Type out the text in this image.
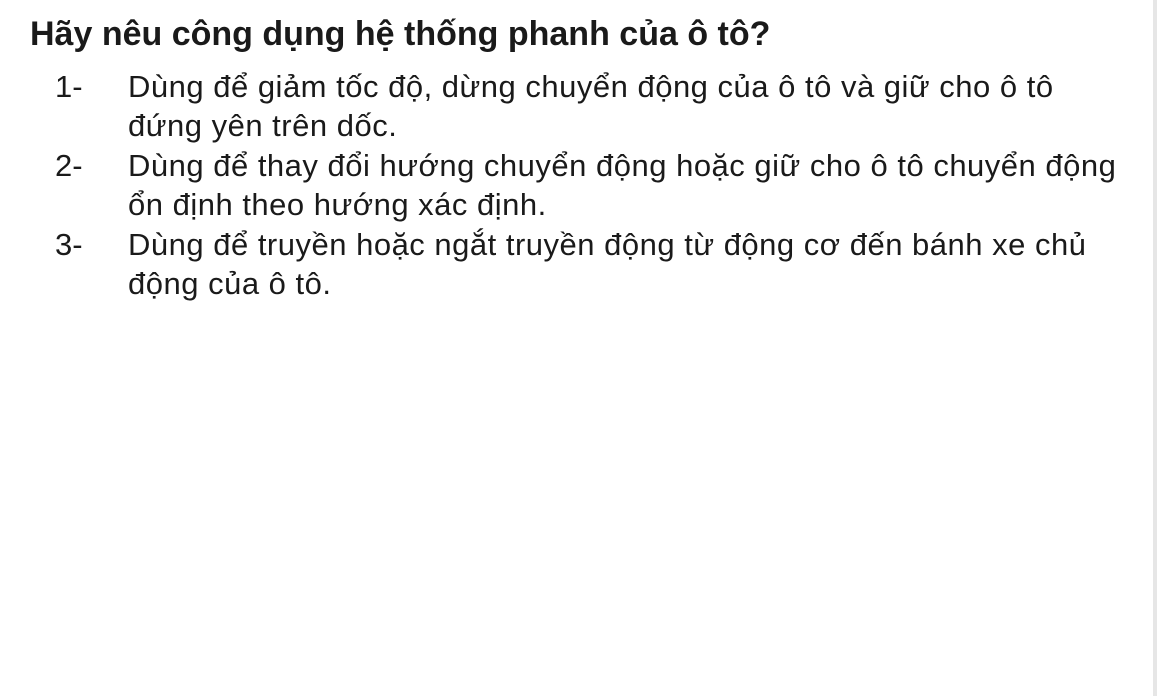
Hãy nêu công dụng hệ thống phanh của ô tô?
1-	Dùng để giảm tốc độ, dừng chuyển động của ô tô và giữ cho ô tô đứng yên trên dốc.
2-	Dùng để thay đổi hướng chuyển động hoặc giữ cho ô tô chuyển động ổn định theo hướng xác định.
3-	Dùng để truyền hoặc ngắt truyền động từ động cơ đến bánh xe chủ động của ô tô.
